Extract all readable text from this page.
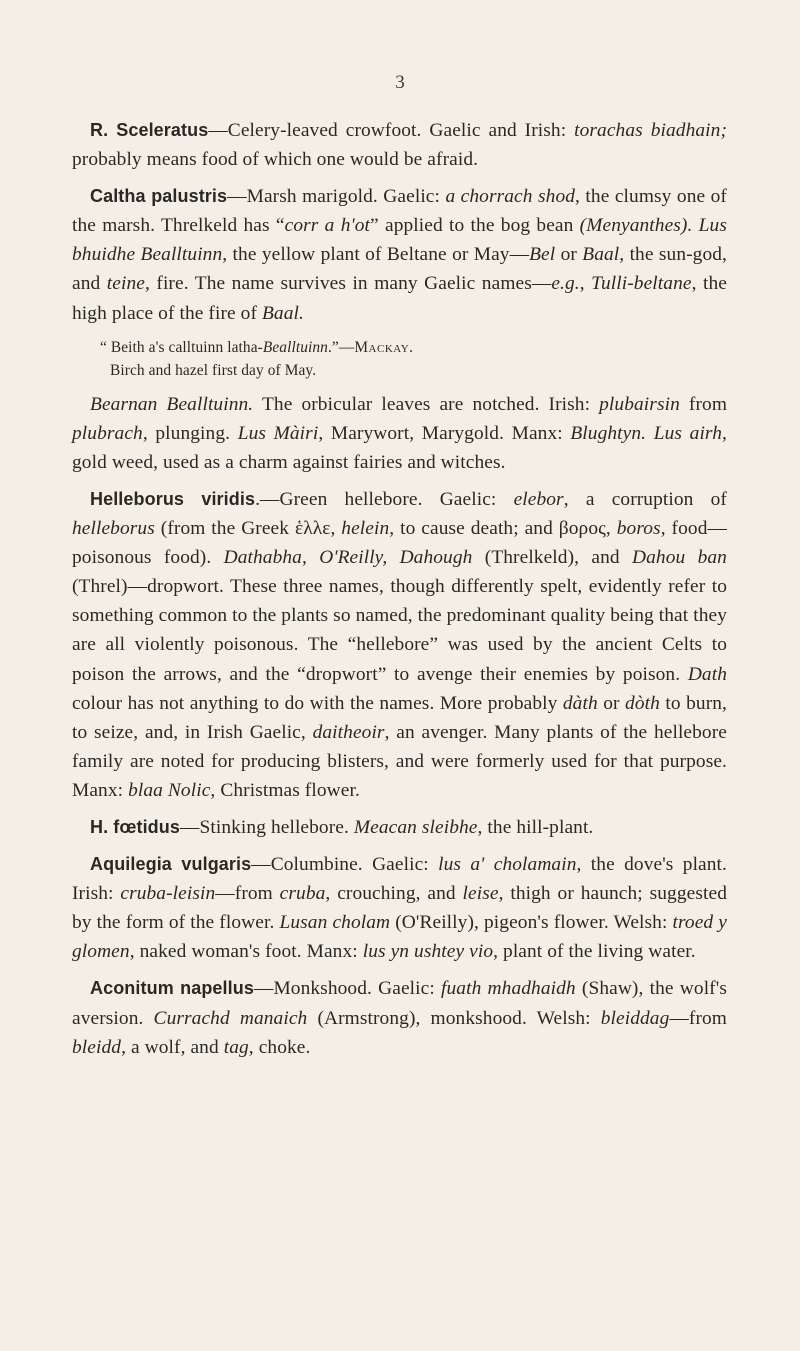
3

R. Sceleratus—Celery-leaved crowfoot. Gaelic and Irish: torachas biadhain; probably means food of which one would be afraid.

Caltha palustris—Marsh marigold. Gaelic: a chorrach shod, the clumsy one of the marsh. Threlkeld has “corr a h'ot” applied to the bog bean (Menyanthes). Lus bhuidhe Bealltuinn, the yellow plant of Beltane or May—Bel or Baal, the sun-god, and teine, fire. The name survives in many Gaelic names—e.g., Tulli-beltane, the high place of the fire of Baal.

“ Beith a's calltuinn latha-Bealltuinn.”—Mackay.

Birch and hazel first day of May.

Bearnan Bealltuinn. The orbicular leaves are notched. Irish: plubairsin from plubrach, plunging. Lus Màiri, Marywort, Marygold. Manx: Blughtyn. Lus airh, gold weed, used as a charm against fairies and witches.

Helleborus viridis.—Green hellebore. Gaelic: elebor, a corruption of helleborus (from the Greek ἑλλε, helein, to cause death; and βορος, boros, food—poisonous food). Dathabha, O'Reilly, Dahough (Threlkeld), and Dahou ban (Threl)—dropwort. These three names, though differently spelt, evidently refer to something common to the plants so named, the predominant quality being that they are all violently poisonous. The “hellebore” was used by the ancient Celts to poison the arrows, and the “dropwort” to avenge their enemies by poison. Dath colour has not anything to do with the names. More probably dàth or dòth to burn, to seize, and, in Irish Gaelic, daitheoir, an avenger. Many plants of the hellebore family are noted for producing blisters, and were formerly used for that purpose. Manx: blaa Nolic, Christmas flower.

H. fœtidus—Stinking hellebore. Meacan sleibhe, the hill-plant.

Aquilegia vulgaris—Columbine. Gaelic: lus a' cholamain, the dove's plant. Irish: cruba-leisin—from cruba, crouching, and leise, thigh or haunch; suggested by the form of the flower. Lusan cholam (O'Reilly), pigeon's flower. Welsh: troed y glomen, naked woman's foot. Manx: lus yn ushtey vio, plant of the living water.

Aconitum napellus—Monkshood. Gaelic: fuath mhadhaidh (Shaw), the wolf's aversion. Currachd manaich (Armstrong), monkshood. Welsh: bleiddag—from bleidd, a wolf, and tag, choke.
